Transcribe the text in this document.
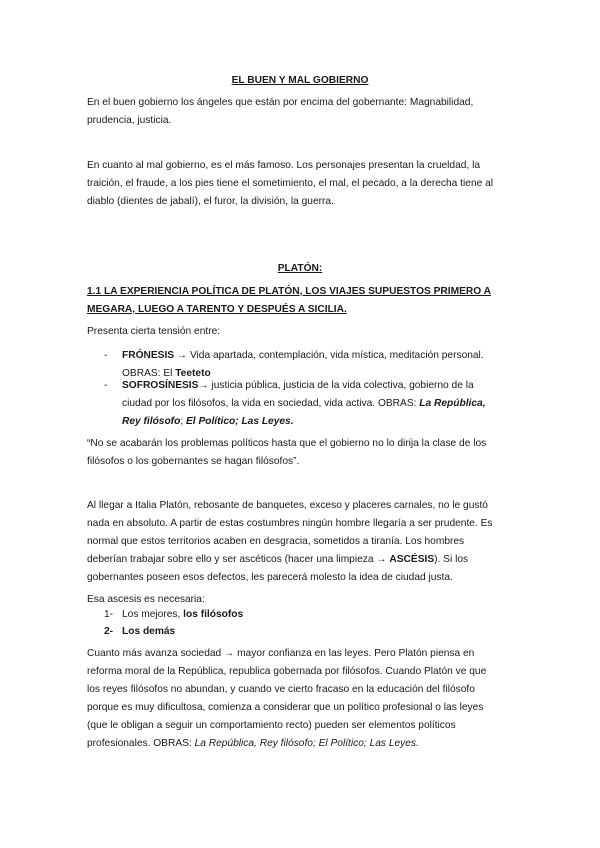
EL BUEN Y MAL GOBIERNO
En el buen gobierno los ángeles que están por encima del gobernante: Magnabilidad,
prudencia, justicia.
En cuanto al mal gobierno, es el más famoso. Los personajes presentan la crueldad, la
traición, el fraude, a los pies tiene el sometimiento, el mal, el pecado, a la derecha tiene al
diablo (dientes de jabalí), el furor, la división, la guerra.
PLATÓN:
1.1 LA EXPERIENCIA POLÍTICA DE PLATÓN, LOS VIAJES SUPUESTOS PRIMERO A
MEGARA, LUEGO A TARENTO Y DESPUÉS A SICILIA.
Presenta cierta tensión entre:
- FRÓNESIS → Vida apartada, contemplación, vida mística, meditación personal.
OBRAS: El Teeteto
- SOFROSÍNESIS→ justicia pública, justicia de la vida colectiva, gobierno de la
ciudad por los filósofos, la vida en sociedad, vida activa. OBRAS: La República,
Rey filósofo; El Político; Las Leyes.
“No se acabarán los problemas políticos hasta que el gobierno no lo dirija la clase de los
filósofos o los gobernantes se hagan filósofos”.
Al llegar a Italia Platón, rebosante de banquetes, exceso y placeres carnales, no le gustó
nada en absoluto. A partir de estas costumbres ningún hombre llegaría a ser prudente. Es
normal que estos territorios acaben en desgracia, sometidos a tiranía. Los hombres
deberían trabajar sobre ello y ser ascéticos (hacer una limpieza → ASCÉSIS). Si los
gobernantes poseen esos defectos, les parecerá molesto la idea de ciudad justa.
Esa ascesis es necesaria:
1- Los mejores, los filósofos
2- Los demás
Cuanto más avanza sociedad → mayor confianza en las leyes. Pero Platón piensa en
reforma moral de la República, republica gobernada por filósofos. Cuando Platón ve que
los reyes filósofos no abundan, y cuando ve cierto fracaso en la educación del filósofo
porque es muy dificultosa, comienza a considerar que un político profesional o las leyes
(que le obligan a seguir un comportamiento recto) pueden ser elementos políticos
profesionales. OBRAS: La República, Rey filósofo; El Político; Las Leyes.
